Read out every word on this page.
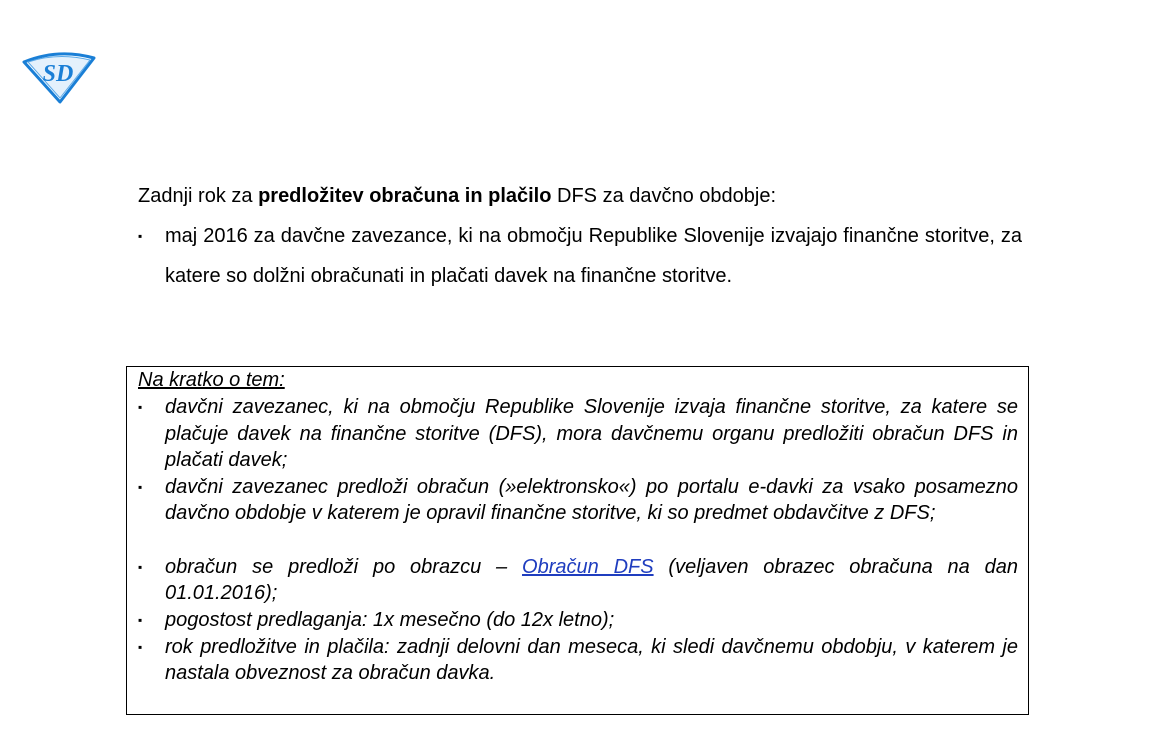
SD

Zadnji rok za predložitev obračuna in plačilo DFS za davčno obdobje:

▪	maj 2016 za davčne zavezance, ki na območju Republike Slovenije izvajajo finančne storitve, za katere so dolžni obračunati in plačati davek na finančne storitve.

Na kratko o tem:

▪	davčni zavezanec, ki na območju Republike Slovenije izvaja finančne storitve, za katere se plačuje davek na finančne storitve (DFS), mora davčnemu organu predložiti obračun DFS in plačati davek;
▪	davčni zavezanec predloži obračun (»elektronsko«) po portalu e-davki za vsako posamezno davčno obdobje v katerem je opravil finančne storitve, ki so predmet obdavčitve z DFS;
▪	obračun se predloži po obrazcu – Obračun DFS (veljaven obrazec obračuna na dan 01.01.2016);
▪	pogostost predlaganja: 1x mesečno (do 12x letno);
▪	rok predložitve in plačila: zadnji delovni dan meseca, ki sledi davčnemu obdobju, v katerem je nastala obveznost za obračun davka.
